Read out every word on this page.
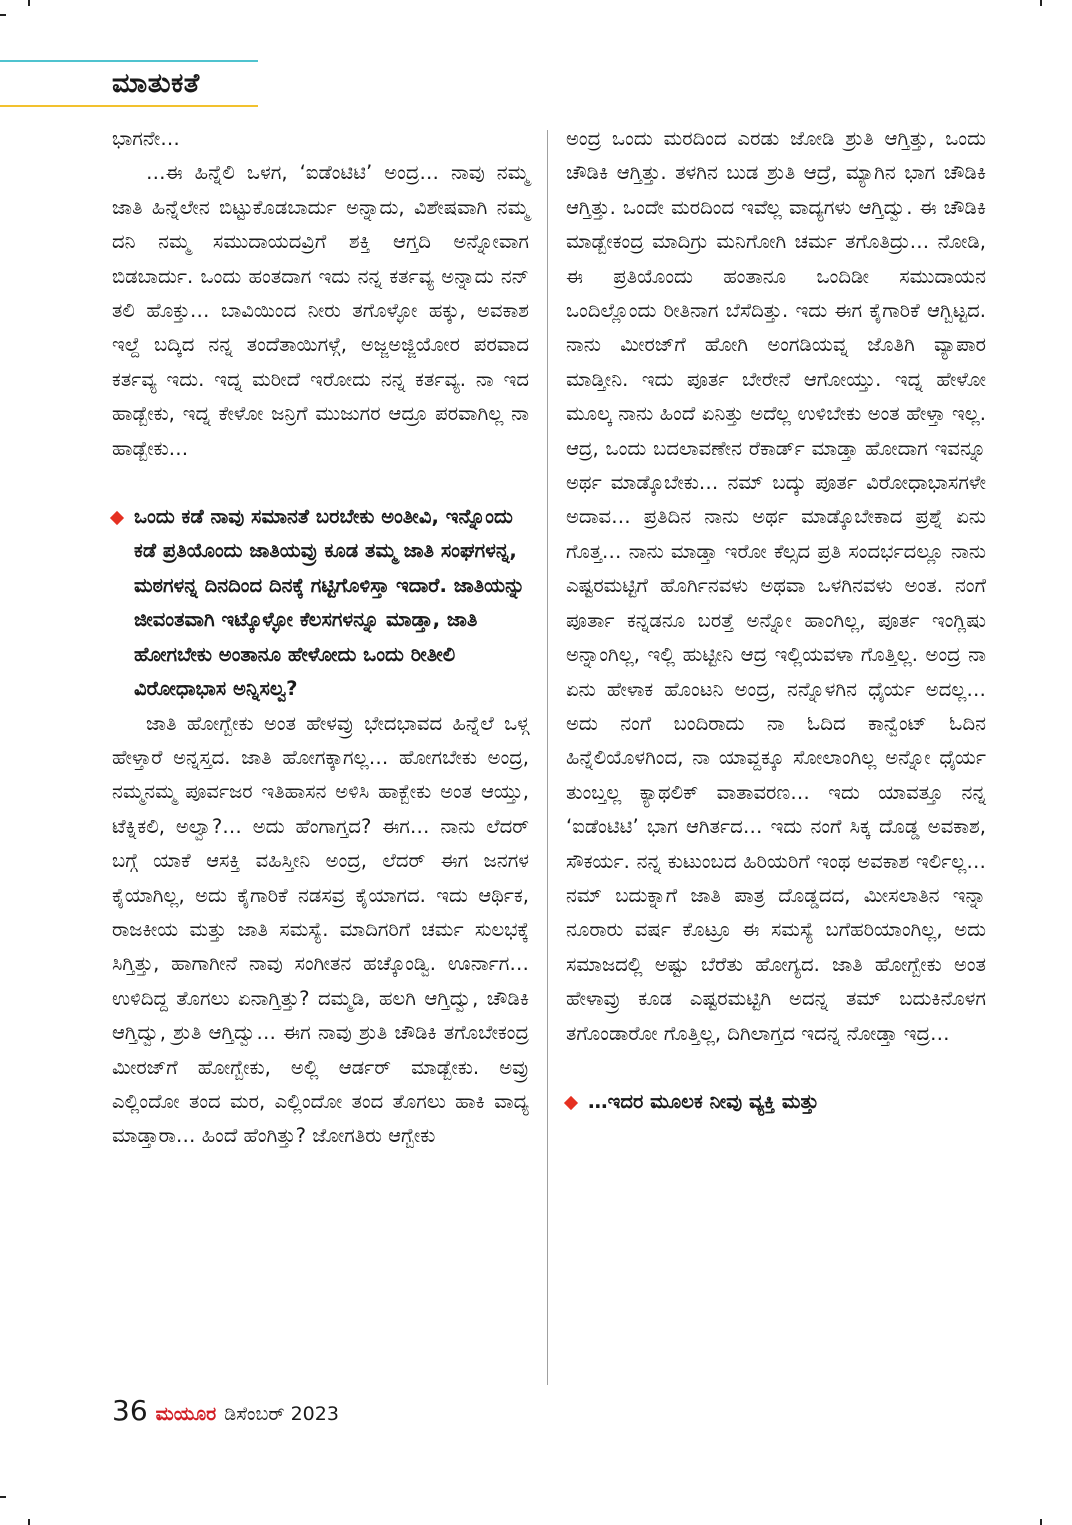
ಮಾತುಕತೆ

ಭಾಗನೇ…

…ಈ ಹಿನ್ನೆಲಿ ಒಳಗ, ‘ಐಡೆಂಟಿಟಿ’ ಅಂದ್ರ… ನಾವು ನಮ್ಮ ಜಾತಿ ಹಿನ್ನೆಲೇನ ಬಿಟ್ಟುಕೊಡಬಾರ್ದು ಅನ್ನಾದು, ವಿಶೇಷವಾಗಿ ನಮ್ಮ ದನಿ ನಮ್ಮ ಸಮುದಾಯದವ್ರಿಗೆ ಶಕ್ತಿ ಆಗ್ತದಿ ಅನ್ನೋವಾಗ ಬಿಡಬಾರ್ದು. ಒಂದು ಹಂತದಾಗ ಇದು ನನ್ನ ಕರ್ತವ್ಯ ಅನ್ನಾದು ನನ್ ತಲಿ ಹೊಕ್ತು… ಬಾವಿಯಿಂದ ನೀರು ತಗೊಳ್ಳೋ ಹಕ್ಕು, ಅವಕಾಶ ಇಲ್ದೆ ಬದ್ಕಿದ ನನ್ನ ತಂದೆತಾಯಿಗಳ್ಗೆ, ಅಜ್ಜಅಜ್ಜಿಯೋರ ಪರವಾದ ಕರ್ತವ್ಯ ಇದು. ಇದ್ನ ಮರೀದೆ ಇರೋದು ನನ್ನ ಕರ್ತವ್ಯ. ನಾ ಇದ ಹಾಡ್ಬೇಕು, ಇದ್ನ ಕೇಳೋ ಜನ್ರಿಗೆ ಮುಜುಗರ ಆದ್ರೂ ಪರವಾಗಿಲ್ಲ ನಾ ಹಾಡ್ಬೇಕು…

ಒಂದು ಕಡೆ ನಾವು ಸಮಾನತೆ ಬರಬೇಕು ಅಂತೀವಿ, ಇನ್ನೊಂದು ಕಡೆ ಪ್ರತಿಯೊಂದು ಜಾತಿಯವ್ರು ಕೂಡ ತಮ್ಮ ಜಾತಿ ಸಂಘಗಳನ್ನ, ಮಠಗಳನ್ನ ದಿನದಿಂದ ದಿನಕ್ಕೆ ಗಟ್ಟಿಗೊಳಿಸ್ತಾ ಇದಾರೆ. ಜಾತಿಯನ್ನು ಜೀವಂತವಾಗಿ ಇಟ್ಕೊಳ್ಳೋ ಕೆಲಸಗಳನ್ನೂ ಮಾಡ್ತಾ, ಜಾತಿ ಹೋಗಬೇಕು ಅಂತಾನೂ ಹೇಳೋದು ಒಂದು ರೀತೀಲಿ ವಿರೋಧಾಭಾಸ ಅನ್ನಿಸಲ್ವ?

ಜಾತಿ ಹೋಗ್ಬೇಕು ಅಂತ ಹೇಳವ್ರು ಭೇದಭಾವದ ಹಿನ್ನೆಲೆ ಒಳ್ಗ ಹೇಳ್ತಾರೆ ಅನ್ನಸ್ತದ. ಜಾತಿ ಹೋಗಕ್ಕಾಗಲ್ಲ… ಹೋಗಬೇಕು ಅಂದ್ರ, ನಮ್ಮನಮ್ಮ ಪೂರ್ವಜರ ಇತಿಹಾಸನ ಅಳಿಸಿ ಹಾಕ್ಬೇಕು ಅಂತ ಆಯ್ತು, ಟೆಕ್ನಿಕಲಿ, ಅಲ್ವಾ?… ಅದು ಹೆಂಗಾಗ್ತದ? ಈಗ… ನಾನು ಲೆದರ್ ಬಗ್ಗೆ ಯಾಕೆ ಆಸಕ್ತಿ ವಹಿಸ್ತೀನಿ ಅಂದ್ರ, ಲೆದರ್ ಈಗ ಜನಗಳ ಕೈಯಾಗಿಲ್ಲ, ಅದು ಕೈಗಾರಿಕೆ ನಡಸವ್ರ ಕೈಯಾಗದ. ಇದು ಆರ್ಥಿಕ, ರಾಜಕೀಯ ಮತ್ತು ಜಾತಿ ಸಮಸ್ಯೆ. ಮಾದಿಗರಿಗೆ ಚರ್ಮ ಸುಲಭಕ್ಕೆ ಸಿಗ್ತಿತ್ತು, ಹಾಗಾಗೀನೆ ನಾವು ಸಂಗೀತನ ಹಚ್ಕೊಂಡ್ವಿ. ಊರ್ನಾಗ… ಉಳಿದಿದ್ದ ತೊಗಲು ಏನಾಗ್ತಿತ್ತು? ದಮ್ಮಡಿ, ಹಲಗಿ ಆಗ್ತಿದ್ವು, ಚೌಡಿಕಿ ಆಗ್ತಿದ್ವು, ಶ್ರುತಿ ಆಗ್ತಿದ್ವು… ಈಗ ನಾವು ಶ್ರುತಿ ಚೌಡಿಕಿ ತಗೊಬೇಕಂದ್ರ ಮೀರಜ್‌ಗೆ ಹೋಗ್ಬೇಕು, ಅಲ್ಲಿ ಆರ್ಡರ್ ಮಾಡ್ಬೇಕು. ಅವ್ರು ಎಲ್ಲಿಂದೋ ತಂದ ಮರ, ಎಲ್ಲಿಂದೋ ತಂದ ತೊಗಲು ಹಾಕಿ ವಾದ್ಯ ಮಾಡ್ತಾರಾ… ಹಿಂದೆ ಹೆಂಗಿತ್ತು? ಜೋಗತಿರು ಆಗ್ಬೇಕು

ಅಂದ್ರ ಒಂದು ಮರದಿಂದ ಎರಡು ಜೋಡಿ ಶ್ರುತಿ ಆಗ್ತಿತ್ತು, ಒಂದು ಚೌಡಿಕಿ ಆಗ್ತಿತ್ತು. ತಳಗಿನ ಬುಡ ಶ್ರುತಿ ಆದ್ರೆ, ಮ್ಯಾಗಿನ ಭಾಗ ಚೌಡಿಕಿ ಆಗ್ತಿತ್ತು. ಒಂದೇ ಮರದಿಂದ ಇವೆಲ್ಲ ವಾದ್ಯಗಳು ಆಗ್ತಿದ್ವು. ಈ ಚೌಡಿಕಿ ಮಾಡ್ಬೇಕಂದ್ರ ಮಾದಿಗ್ರು ಮನಿಗೋಗಿ ಚರ್ಮ ತಗೊತಿದ್ರು… ನೋಡಿ, ಈ ಪ್ರತಿಯೊಂದು ಹಂತಾನೂ ಒಂದಿಡೀ ಸಮುದಾಯನ ಒಂದಿಲ್ಲೊಂದು ರೀತಿನಾಗ ಬೆಸೆದಿತ್ತು. ಇದು ಈಗ ಕೈಗಾರಿಕೆ ಆಗ್ಬಿಟ್ಟದ. ನಾನು ಮೀರಜ್‌ಗೆ ಹೋಗಿ ಅಂಗಡಿಯವ್ನ ಜೊತಿಗಿ ವ್ಯಾಪಾರ ಮಾಡ್ತೀನಿ. ಇದು ಪೂರ್ತ ಬೇರೇನೆ ಆಗೋಯ್ತು. ಇದ್ನ ಹೇಳೋ ಮೂಲ್ಕ ನಾನು ಹಿಂದೆ ಏನಿತ್ತು ಅದೆಲ್ಲ ಉಳಿಬೇಕು ಅಂತ ಹೇಳ್ತಾ ಇಲ್ಲ. ಆದ್ರ, ಒಂದು ಬದಲಾವಣೇನ ರೆಕಾರ್ಡ್ ಮಾಡ್ತಾ ಹೋದಾಗ ಇವನ್ನೂ ಅರ್ಥ ಮಾಡ್ಕೊಬೇಕು… ನಮ್ ಬದ್ಕು ಪೂರ್ತ ವಿರೋಧಾಭಾಸಗಳೇ ಅದಾವ… ಪ್ರತಿದಿನ ನಾನು ಅರ್ಥ ಮಾಡ್ಕೊಬೇಕಾದ ಪ್ರಶ್ನೆ ಏನು ಗೊತ್ತ… ನಾನು ಮಾಡ್ತಾ ಇರೋ ಕೆಲ್ಸದ ಪ್ರತಿ ಸಂದರ್ಭದಲ್ಲೂ ನಾನು ಎಷ್ಟರಮಟ್ಟಿಗೆ ಹೊರ್ಗಿನವಳು ಅಥವಾ ಒಳಗಿನವಳು ಅಂತ. ನಂಗೆ ಪೂರ್ತಾ ಕನ್ನಡನೂ ಬರತ್ತೆ ಅನ್ನೋ ಹಾಂಗಿಲ್ಲ, ಪೂರ್ತ ಇಂಗ್ಲಿಷು ಅನ್ನಾಂಗಿಲ್ಲ, ಇಲ್ಲಿ ಹುಟ್ಟೀನಿ ಆದ್ರ ಇಲ್ಲಿಯವಳಾ ಗೊತ್ತಿಲ್ಲ. ಅಂದ್ರ ನಾ ಏನು ಹೇಳಾಕ ಹೊಂಟನಿ ಅಂದ್ರ, ನನ್ನೊಳಗಿನ ಧೈರ್ಯ ಅದಲ್ಲ… ಅದು ನಂಗೆ ಬಂದಿರಾದು ನಾ ಓದಿದ ಕಾನ್ವೆಂಟ್ ಓದಿನ ಹಿನ್ನೆಲಿಯೊಳಗಿಂದ, ನಾ ಯಾವ್ದಕ್ಕೂ ಸೋಲಾಂಗಿಲ್ಲ ಅನ್ನೋ ಧೈರ್ಯ ತುಂಬ್ತಲ್ಲ ಕ್ಯಾಥಲಿಕ್ ವಾತಾವರಣ… ಇದು ಯಾವತ್ತೂ ನನ್ನ ‘ಐಡೆಂಟಿಟಿ’ ಭಾಗ ಆಗಿರ್ತದ… ಇದು ನಂಗೆ ಸಿಕ್ಕ ದೊಡ್ಡ ಅವಕಾಶ, ಸೌಕರ್ಯ. ನನ್ನ ಕುಟುಂಬದ ಹಿರಿಯರಿಗೆ ಇಂಥ ಅವಕಾಶ ಇರ್ಲಿಲ್ಲ… ನಮ್ ಬದುಕ್ನಾಗೆ ಜಾತಿ ಪಾತ್ರ ದೊಡ್ಡದದ, ಮೀಸಲಾತಿನ ಇನ್ನಾ ನೂರಾರು ವರ್ಷ ಕೊಟ್ರೂ ಈ ಸಮಸ್ಯೆ ಬಗೆಹರಿಯಾಂಗಿಲ್ಲ, ಅದು ಸಮಾಜದಲ್ಲಿ ಅಷ್ಟು ಬೆರೆತು ಹೋಗ್ಯದ. ಜಾತಿ ಹೋಗ್ಬೇಕು ಅಂತ ಹೇಳಾವ್ರು ಕೂಡ ಎಷ್ಟರಮಟ್ಟಿಗಿ ಅದನ್ನ ತಮ್ ಬದುಕಿನೊಳಗ ತಗೊಂಡಾರೋ ಗೊತ್ತಿಲ್ಲ, ದಿಗಿಲಾಗ್ತದ ಇದನ್ನ ನೋಡ್ತಾ ಇದ್ರ…

…ಇದರ ಮೂಲಕ ನೀವು ವ್ಯಕ್ತಿ ಮತ್ತು

36 ಮಯೂರ ಡಿಸೆಂಬರ್ 2023
